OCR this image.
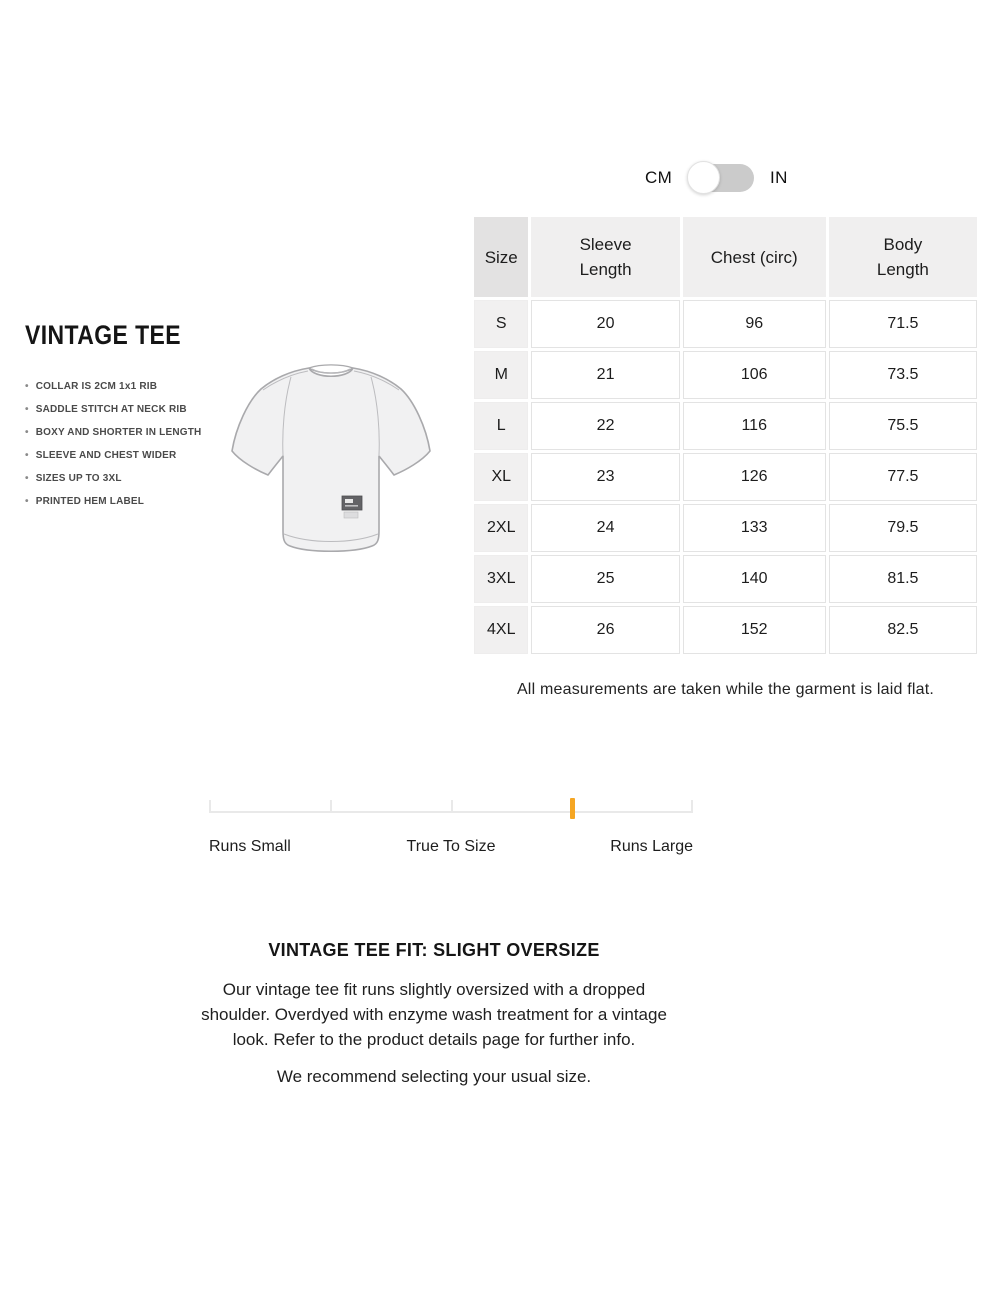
CM	IN
VINTAGE TEE
• COLLAR IS 2CM 1x1 RIB
• SADDLE STITCH AT NECK RIB
• BOXY AND SHORTER IN LENGTH
• SLEEVE AND CHEST WIDER
• SIZES UP TO 3XL
• PRINTED HEM LABEL
Size	Sleeve Length	Chest (circ)	Body Length
S	20	96	71.5
M	21	106	73.5
L	22	116	75.5
XL	23	126	77.5
2XL	24	133	79.5
3XL	25	140	81.5
4XL	26	152	82.5
All measurements are taken while the garment is laid flat.
Runs Small	True To Size	Runs Large
VINTAGE TEE FIT: SLIGHT OVERSIZE

Our vintage tee fit runs slightly oversized with a dropped shoulder. Overdyed with enzyme wash treatment for a vintage look. Refer to the product details page for further info.

We recommend selecting your usual size.
